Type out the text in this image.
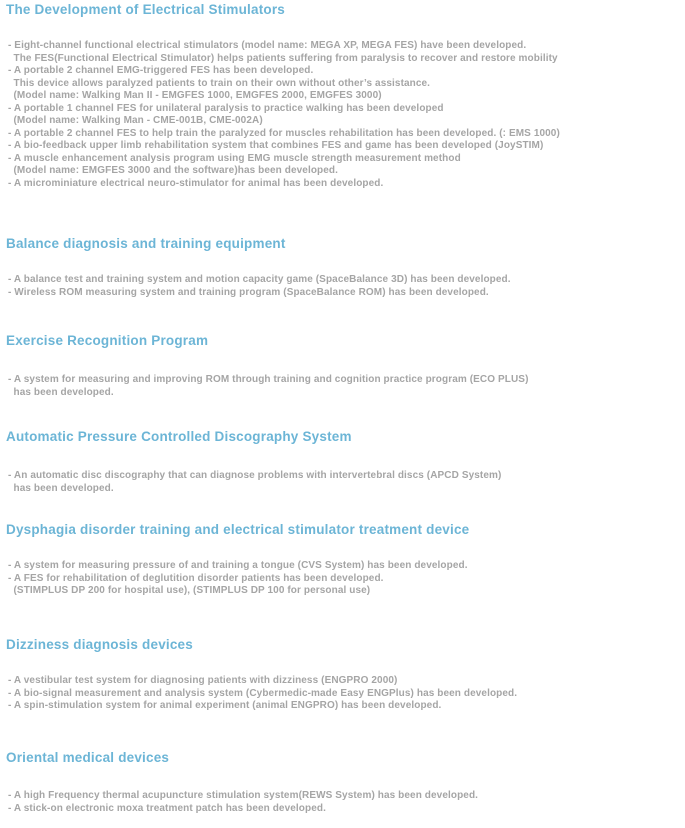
The Development of Electrical Stimulators

- Eight-channel functional electrical stimulators (model name: MEGA XP, MEGA FES) have been developed.

The FES(Functional Electrical Stimulator) helps patients suffering from paralysis to recover and restore mobility

- A portable 2 channel EMG-triggered FES has been developed.

This device allows paralyzed patients to train on their own without other’s assistance.

(Model name: Walking Man II - EMGFES 1000, EMGFES 2000, EMGFES 3000)

- A portable 1 channel FES for unilateral paralysis to practice walking has been developed

(Model name: Walking Man - CME-001B, CME-002A)

- A portable 2 channel FES to help train the paralyzed for muscles rehabilitation has been developed. (: EMS 1000)

- A bio-feedback upper limb rehabilitation system that combines FES and game has been developed (JoySTIM)

- A muscle enhancement analysis program using EMG muscle strength measurement method

(Model name: EMGFES 3000 and the software)has been developed.

- A microminiature electrical neuro-stimulator for animal has been developed.

Balance diagnosis and training equipment

- A balance test and training system and motion capacity game (SpaceBalance 3D) has been developed.

- Wireless ROM measuring system and training program (SpaceBalance ROM) has been developed.

Exercise Recognition Program

- A system for measuring and improving ROM through training and cognition practice program (ECO PLUS)

has been developed.

Automatic Pressure Controlled Discography System

- An automatic disc discography that can diagnose problems with intervertebral discs (APCD System)

has been developed.

Dysphagia disorder training and electrical stimulator treatment device

- A system for measuring pressure of and training a tongue (CVS System) has been developed.

- A FES for rehabilitation of deglutition disorder patients has been developed.

(STIMPLUS DP 200 for hospital use), (STIMPLUS DP 100 for personal use)

Dizziness diagnosis devices

- A vestibular test system for diagnosing patients with dizziness (ENGPRO 2000)

- A bio-signal measurement and analysis system (Cybermedic-made Easy ENGPlus) has been developed.

- A spin-stimulation system for animal experiment (animal ENGPRO) has been developed.

Oriental medical devices

- A high Frequency thermal acupuncture stimulation system(REWS System) has been developed.

- A stick-on electronic moxa treatment patch has been developed.
